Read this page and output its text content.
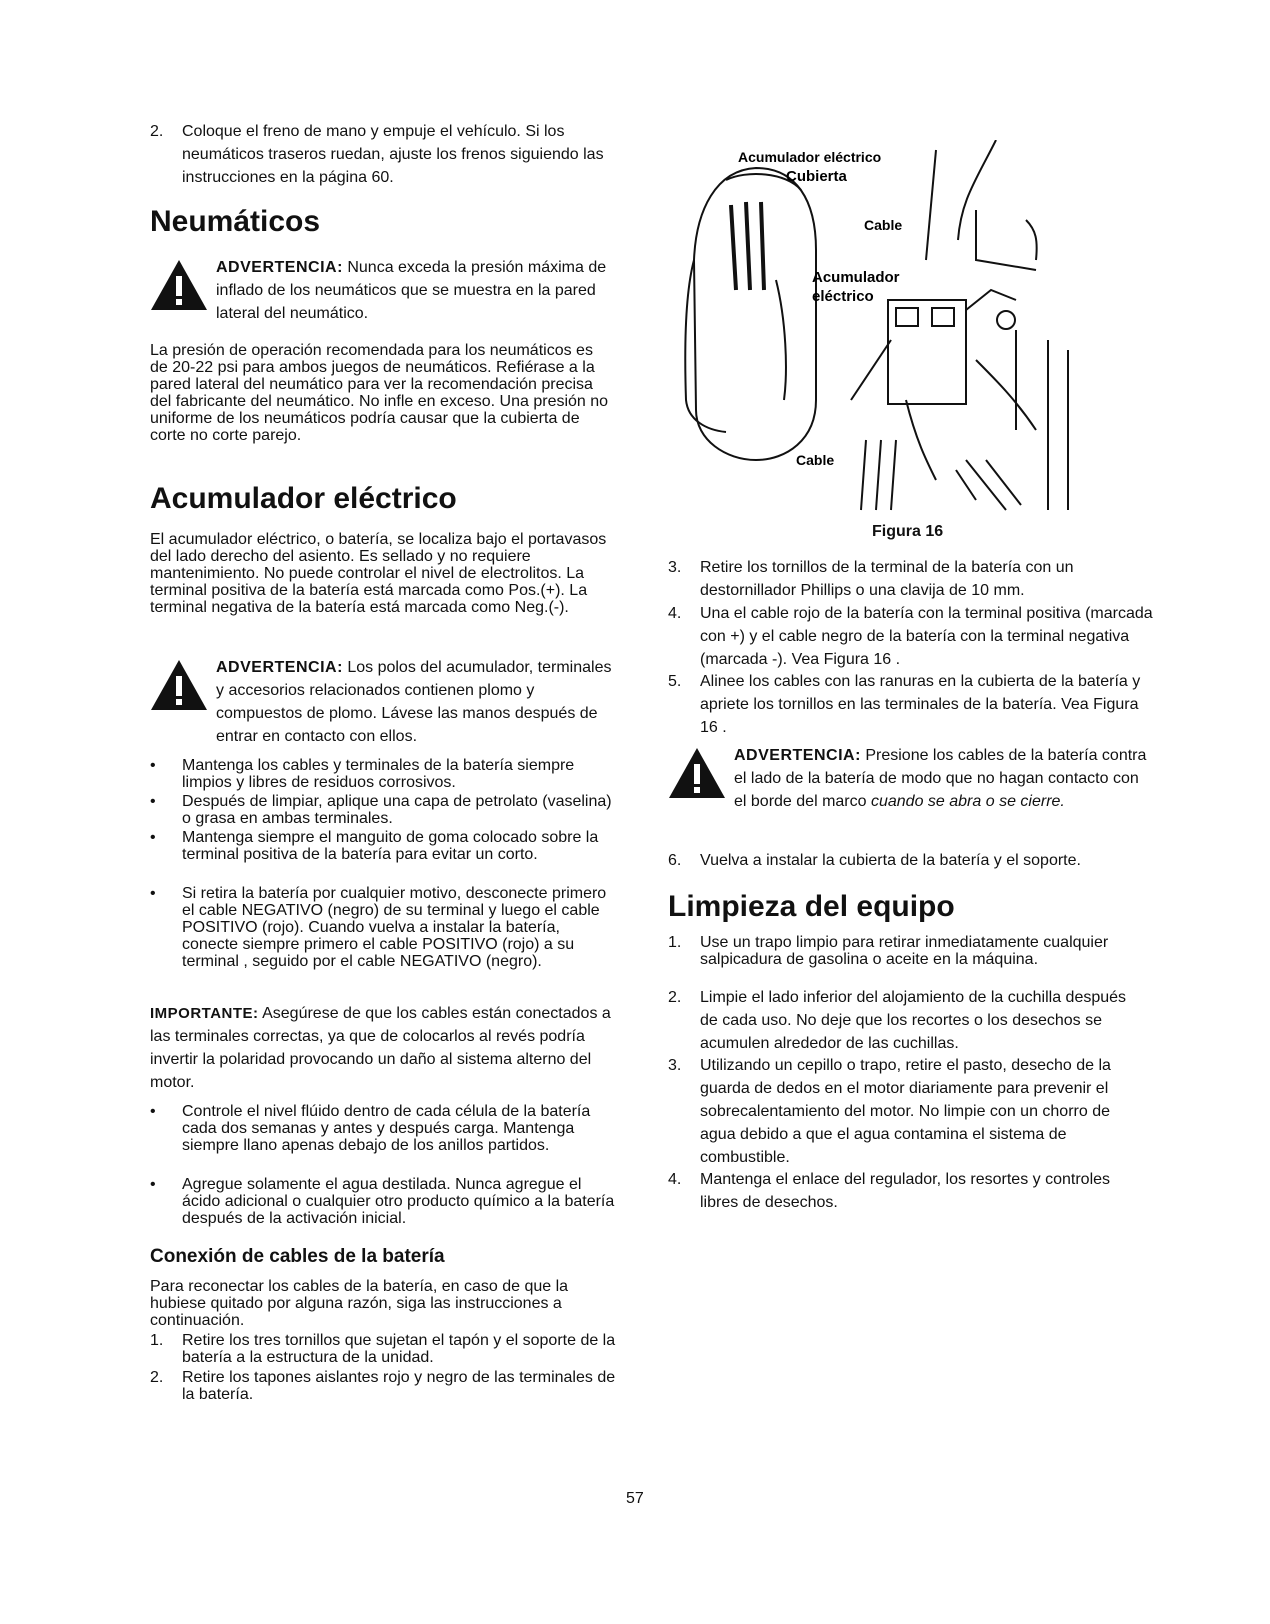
2. Coloque el freno de mano y empuje el vehículo. Si los neumáticos traseros ruedan, ajuste los frenos siguiendo las instrucciones en la página 60.
Neumáticos
ADVERTENCIA: Nunca exceda la presión máxima de inflado de los neumáticos que se muestra en la pared lateral del neumático.

La presión de operación recomendada para los neumáticos es de 20-22 psi para ambos juegos de neumáticos. Refiérase a la pared lateral del neumático para ver la recomendación precisa del fabricante del neumático. No infle en exceso. Una presión no uniforme de los neumáticos podría causar que la cubierta de corte no corte parejo.

Acumulador eléctrico

El acumulador eléctrico, o batería, se localiza bajo el portavasos del lado derecho del asiento. Es sellado y no requiere mantenimiento. No puede controlar el nivel de electrolitos. La terminal positiva de la batería está marcada como Pos.(+). La terminal negativa de la batería está marcada como Neg.(-).

ADVERTENCIA: Los polos del acumulador, terminales y accesorios relacionados contienen plomo y compuestos de plomo. Lávese las manos después de entrar en contacto con ellos.
• Mantenga los cables y terminales de la batería siempre limpios y libres de residuos corrosivos.
• Después de limpiar, aplique una capa de petrolato (vaselina) o grasa en ambas terminales.
• Mantenga siempre el manguito de goma colocado sobre la terminal positiva de la batería para evitar un corto.
• Si retira la batería por cualquier motivo, desconecte primero el cable NEGATIVO (negro) de su terminal y luego el cable POSITIVO (rojo). Cuando vuelva a instalar la batería, conecte siempre primero el cable POSITIVO (rojo) a su terminal , seguido por el cable NEGATIVO (negro).

IMPORTANTE: Asegúrese de que los cables están conectados a las terminales correctas, ya que de colocarlos al revés podría invertir la polaridad provocando un daño al sistema alterno del motor.

• Controle el nivel flúido dentro de cada célula de la batería cada dos semanas y antes y después carga. Mantenga siempre llano apenas debajo de los anillos partidos.
• Agregue solamente el agua destilada. Nunca agregue el ácido adicional o cualquier otro producto químico a la batería después de la activación inicial.
Conexión de cables de la batería

Para reconectar los cables de la batería, en caso de que la hubiese quitado por alguna razón, siga las instrucciones a continuación.

1. Retire los tres tornillos que sujetan el tapón y el soporte de la batería a la estructura de la unidad.
2. Retire los tapones aislantes rojo y negro de las terminales de la batería.
Acumulador eléctrico
Cubierta
Cable
Acumulador
eléctrico
Cable
Figura 16
3. Retire los tornillos de la terminal de la batería con un destornillador Phillips o una clavija de 10 mm.
4. Una el cable rojo de la batería con la terminal positiva (marcada con +) y el cable negro de la batería con la terminal negativa (marcada -). Vea Figura 16 .
5. Alinee los cables con las ranuras en la cubierta de la batería y apriete los tornillos en las terminales de la batería. Vea Figura 16 .
ADVERTENCIA: Presione los cables de la batería contra el lado de la batería de modo que no hagan contacto con el borde del marco cuando se abra o se cierre.
6. Vuelva a instalar la cubierta de la batería y el soporte.
Limpieza del equipo
1. Use un trapo limpio para retirar inmediatamente cualquier salpicadura de gasolina o aceite en la máquina.
2. Limpie el lado inferior del alojamiento de la cuchilla después de cada uso. No deje que los recortes o los desechos se acumulen alrededor de las cuchillas.
3. Utilizando un cepillo o trapo, retire el pasto, desecho de la guarda de dedos en el motor diariamente para prevenir el sobrecalentamiento del motor. No limpie con un chorro de agua debido a que el agua contamina el sistema de combustible.
4. Mantenga el enlace del regulador, los resortes y controles libres de desechos.
57
